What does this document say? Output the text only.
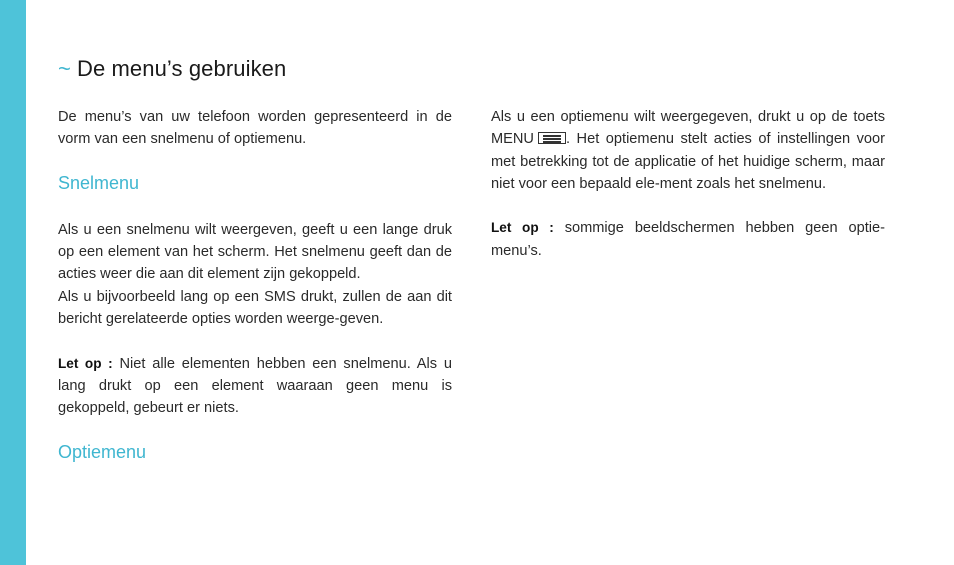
~ De menu’s gebruiken

De menu’s van uw telefoon worden gepresenteerd in de vorm van een snelmenu of optiemenu.

Snelmenu

Als u een snelmenu wilt weergeven, geeft u een lange druk op een element van het scherm. Het snelmenu geeft dan de acties weer die aan dit element zijn gekoppeld.

Als u bijvoorbeeld lang op een SMS drukt, zullen de aan dit bericht gerelateerde opties worden weerge-geven.

Let op : Niet alle elementen hebben een snelmenu. Als u lang drukt op een element waaraan geen menu is gekoppeld, gebeurt er niets.

Optiemenu

Als u een optiemenu wilt weergegeven, drukt u op de toets MENU . Het optiemenu stelt acties of instellingen voor met betrekking tot de applicatie of het huidige scherm, maar niet voor een bepaald ele-ment zoals het snelmenu.

Let op : sommige beeldschermen hebben geen optie-menu’s.
